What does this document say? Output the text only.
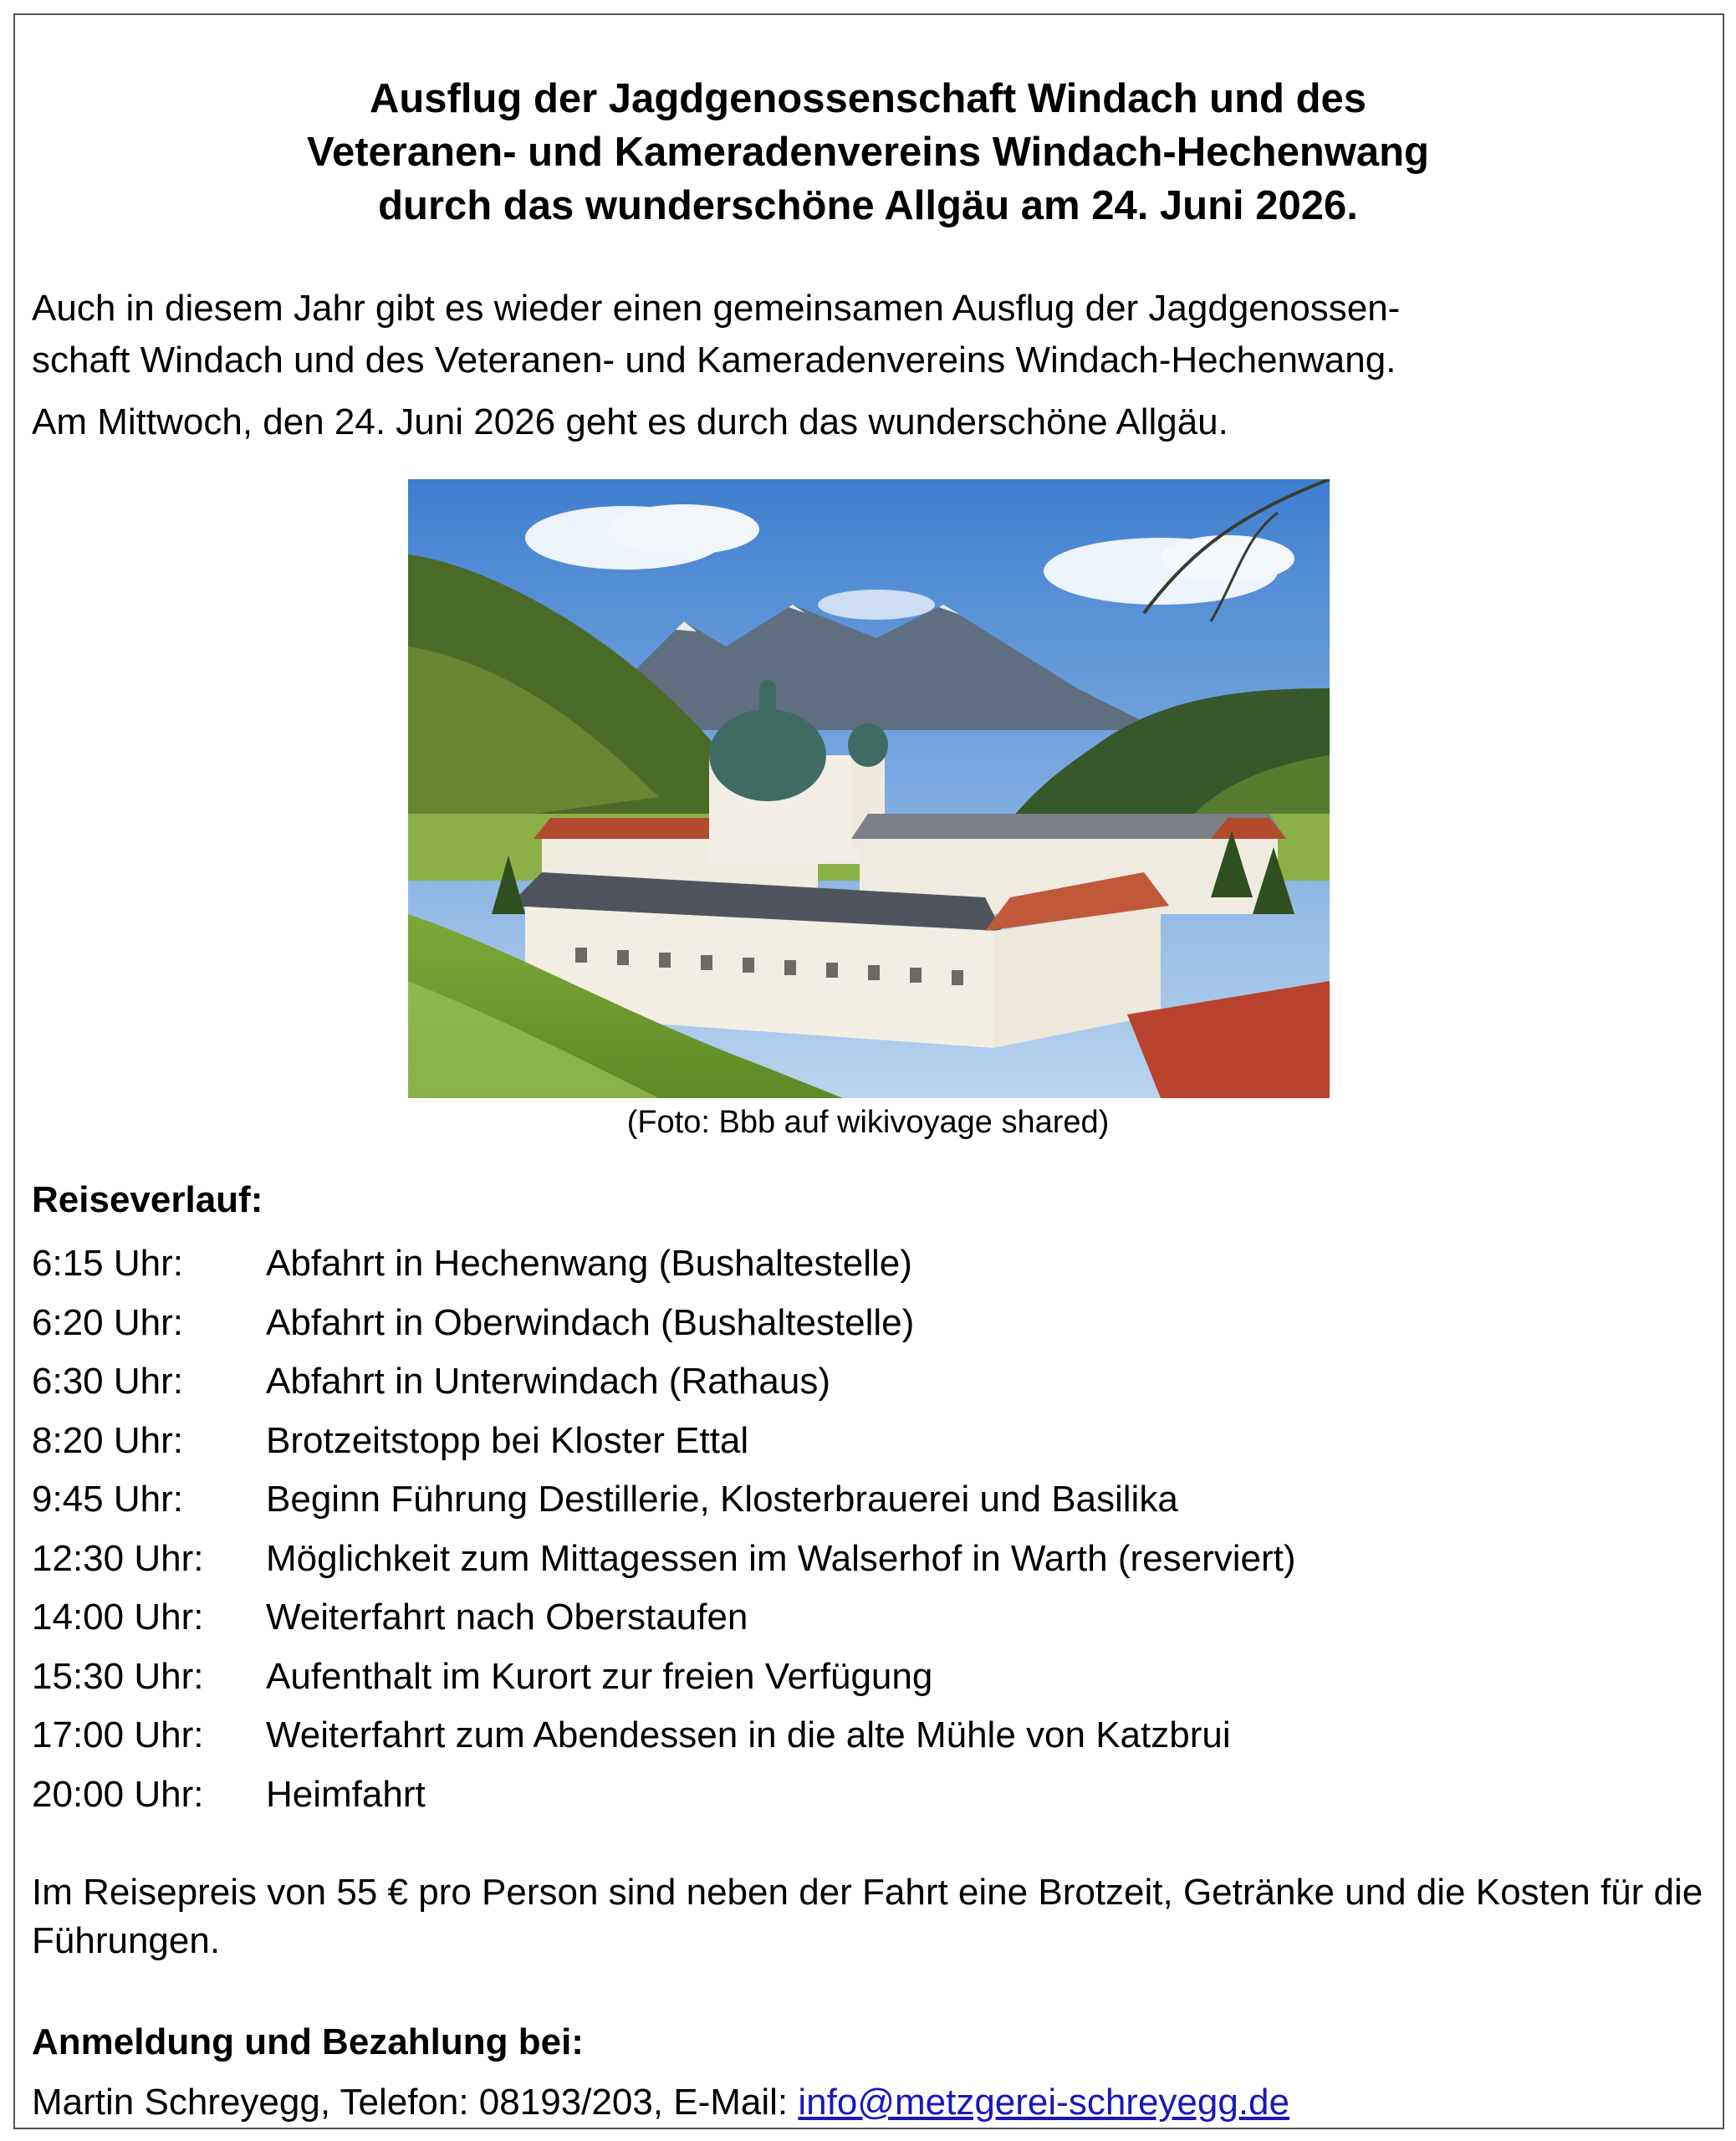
Ausflug der Jagdgenossenschaft Windach und des
Veteranen- und Kameradenvereins Windach-Hechenwang
durch das wunderschöne Allgäu am 24. Juni 2026.
Auch in diesem Jahr gibt es wieder einen gemeinsamen Ausflug der Jagdgenossen-
schaft Windach und des Veteranen- und Kameradenvereins Windach-Hechenwang.
Am Mittwoch, den 24. Juni 2026 geht es durch das wunderschöne Allgäu.
(Foto: Bbb auf wikivoyage shared)
Reiseverlauf:
6:15 Uhr:	Abfahrt in Hechenwang (Bushaltestelle)
6:20 Uhr:	Abfahrt in Oberwindach (Bushaltestelle)
6:30 Uhr:	Abfahrt in Unterwindach (Rathaus)
8:20 Uhr:	Brotzeitstopp bei Kloster Ettal
9:45 Uhr:	Beginn Führung Destillerie, Klosterbrauerei und Basilika
12:30 Uhr:	Möglichkeit zum Mittagessen im Walserhof in Warth (reserviert)
14:00 Uhr:	Weiterfahrt nach Oberstaufen
15:30 Uhr:	Aufenthalt im Kurort zur freien Verfügung
17:00 Uhr:	Weiterfahrt zum Abendessen in die alte Mühle von Katzbrui
20:00 Uhr:	Heimfahrt
Im Reisepreis von 55 € pro Person sind neben der Fahrt eine Brotzeit, Getränke und die Kosten für die Führungen.
Anmeldung und Bezahlung bei:
Martin Schreyegg, Telefon: 08193/203, E-Mail: info@metzgerei-schreyegg.de
